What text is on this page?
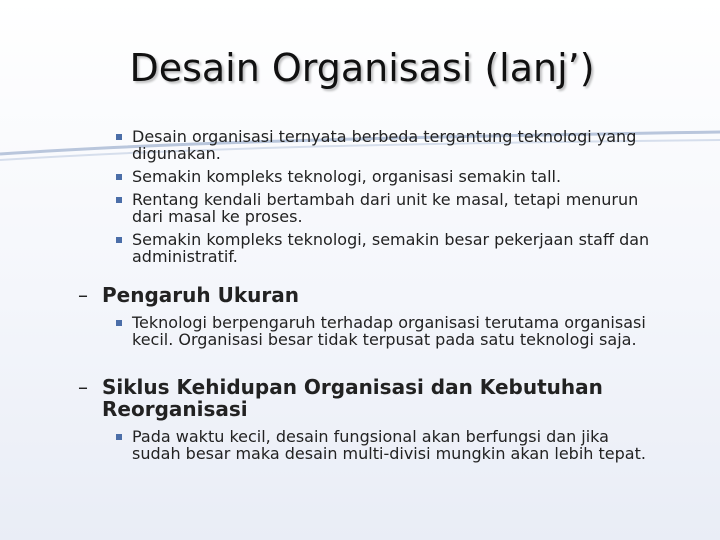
Desain Organisasi (lanj’)
Desain organisasi ternyata berbeda tergantung teknologi yang digunakan.
Semakin kompleks teknologi, organisasi semakin tall.
Rentang kendali bertambah dari unit ke masal, tetapi menurun dari masal ke proses.
Semakin kompleks teknologi, semakin besar pekerjaan staff dan administratif.
– Pengaruh Ukuran
Teknologi berpengaruh terhadap organisasi terutama organisasi kecil. Organisasi besar tidak terpusat pada satu teknologi saja.
– Siklus Kehidupan Organisasi dan Kebutuhan Reorganisasi
Pada waktu kecil, desain fungsional akan berfungsi dan jika sudah besar maka desain multi-divisi mungkin akan lebih tepat.
